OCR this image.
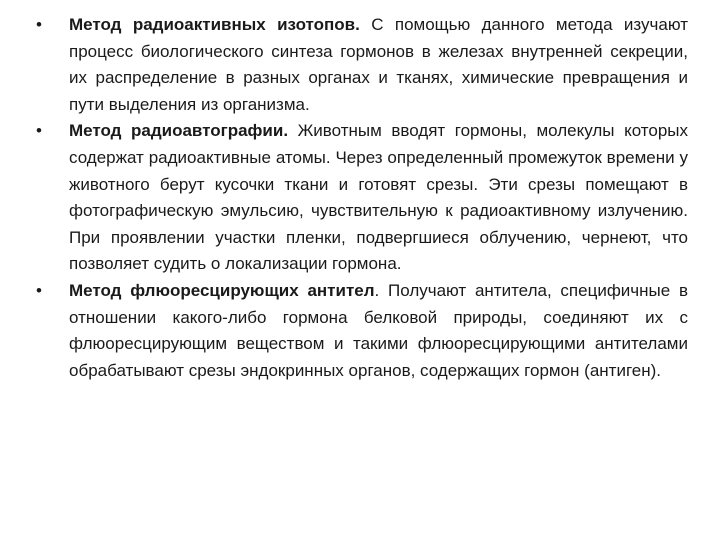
•	Метод радиоактивных изотопов. С помощью данного метода изучают процесс биологического синтеза гормонов в железах внутренней секреции, их распределение в разных органах и тканях, химические превращения и пути выделения из организма.
•	Метод радиоавтографии. Животным вводят гормоны, молекулы которых содержат радиоактивные атомы. Через определенный промежуток времени у животного берут кусочки ткани и готовят срезы. Эти срезы помещают в фотографическую эмульсию, чувствительную к радиоактивному излучению. При проявлении участки пленки, подвергшиеся облучению, чернеют, что позволяет судить о локализации гормона.
•	Метод флюоресцирующих антител. Получают антитела, специфичные в отношении какого-либо гормона белковой природы, соединяют их с флюоресцирующим веществом и такими флюоресцирующими антителами обрабатывают срезы эндокринных органов, содержащих гормон (антиген).
